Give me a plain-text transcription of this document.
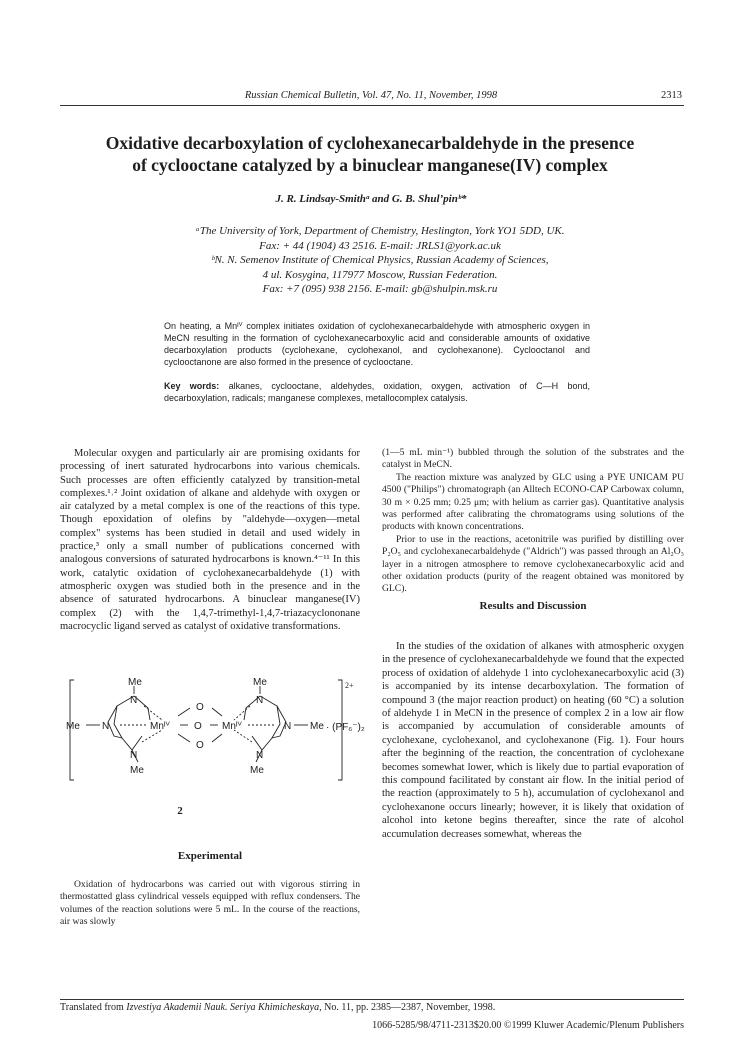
Russian Chemical Bulletin, Vol. 47, No. 11, November, 1998	2313
Oxidative decarboxylation of cyclohexanecarbaldehyde in the presence
of cyclooctane catalyzed by a binuclear manganese(IV) complex
J. R. Lindsay-Smithᵃ and G. B. Shul’pinᵇ*
ᵃThe University of York, Department of Chemistry, Heslington, York YO1 5DD, UK.
Fax: + 44 (1904) 43 2516. E-mail: JRLS1@york.ac.uk
ᵇN. N. Semenov Institute of Chemical Physics, Russian Academy of Sciences,
4 ul. Kosygina, 117977 Moscow, Russian Federation.
Fax: +7 (095) 938 2156. E-mail: gb@shulpin.msk.ru
On heating, a Mnᴵⱽ complex initiates oxidation of cyclohexanecarbaldehyde with atmospheric oxygen in MeCN resulting in the formation of cyclohexanecarboxylic acid and considerable amounts of oxidative decarboxylation products (cyclohexane, cyclohexanol, and cyclohexanone). Cyclooctanol and cyclooctanone are also formed in the presence of cyclooctane.
Key words: alkanes, cyclooctane, aldehydes, oxidation, oxygen, activation of C—H bond, decarboxylation, radicals; manganese complexes, metallocomplex catalysis.

Molecular oxygen and particularly air are promising oxidants for processing of inert saturated hydrocarbons into various chemicals. Such processes are often efficiently catalyzed by transition-metal complexes.¹˒² Joint oxidation of alkane and aldehyde with oxygen or air catalyzed by a metal complex is one of the reactions of this type. Though epoxidation of olefins by "aldehyde—oxygen—metal complex" systems has been studied in detail and used widely in practice,³ only a small number of publications concerned with analogous conversions of saturated hydrocarbons is known.⁴⁻¹¹ In this work, catalytic oxidation of cyclohexanecarbaldehyde (1) with atmospheric oxygen was studied both in the presence and in the absence of saturated hydrocarbons. A binuclear manganese(IV) complex (2) with the 1,4,7-trimethyl-1,4,7-triazacyclononane macrocyclic ligand served as catalyst of oxidative transformations.

Me	Me
Me	Me
Me	Me
N	N
N	N
N	N
Mnᴵⱽ	Mnᴵⱽ
O
O
O
2+
· (PF₆⁻)₂
2
Experimental

Oxidation of hydrocarbons was carried out with vigorous stirring in thermostatted glass cylindrical vessels equipped with reflux condensers. The volumes of the reaction solutions were 5 mL. In the course of the reactions, air was slowly

(1—5 mL min⁻¹) bubbled through the solution of the substrates and the catalyst in MeCN.

The reaction mixture was analyzed by GLC using a PYE UNICAM PU 4500 ("Philips") chromatograph (an Alltech ECONO-CAP Carbowax column, 30 m × 0.25 mm; 0.25 μm; with helium as carrier gas). Quantitative analysis was performed after calibrating the chromatograms using solutions of the products with known concentrations.

Prior to use in the reactions, acetonitrile was purified by distilling over P₂O₅ and cyclohexanecarbaldehyde ("Aldrich") was passed through an Al₂O₃ layer in a nitrogen atmosphere to remove cyclohexanecarboxylic acid and other oxidation products (purity of the reagent obtained was monitored by GLC).

Results and Discussion

In the studies of the oxidation of alkanes with atmospheric oxygen in the presence of cyclohexanecarbaldehyde we found that the expected process of oxidation of aldehyde 1 into cyclohexanecarboxylic acid (3) is accompanied by its intense decarboxylation. The formation of compound 3 (the major reaction product) on heating (60 °C) a solution of aldehyde 1 in MeCN in the presence of complex 2 in a low air flow is accompanied by accumulation of considerable amounts of cyclohexane, cyclohexanol, and cyclohexanone (Fig. 1). Four hours after the beginning of the reaction, the concentration of cyclohexane becomes somewhat lower, which is likely due to partial evaporation of this compound facilitated by constant air flow. In the initial period of the reaction (approximately to 5 h), accumulation of cyclohexanol and cyclohexanone occurs linearly; however, it is likely that oxidation of alcohol into ketone begins thereafter, since the rate of alcohol accumulation decreases somewhat, whereas the

Translated from Izvestiya Akademii Nauk. Seriya Khimicheskaya, No. 11, pp. 2385—2387, November, 1998.
1066-5285/98/4711-2313$20.00 ©1999 Kluwer Academic/Plenum Publishers
